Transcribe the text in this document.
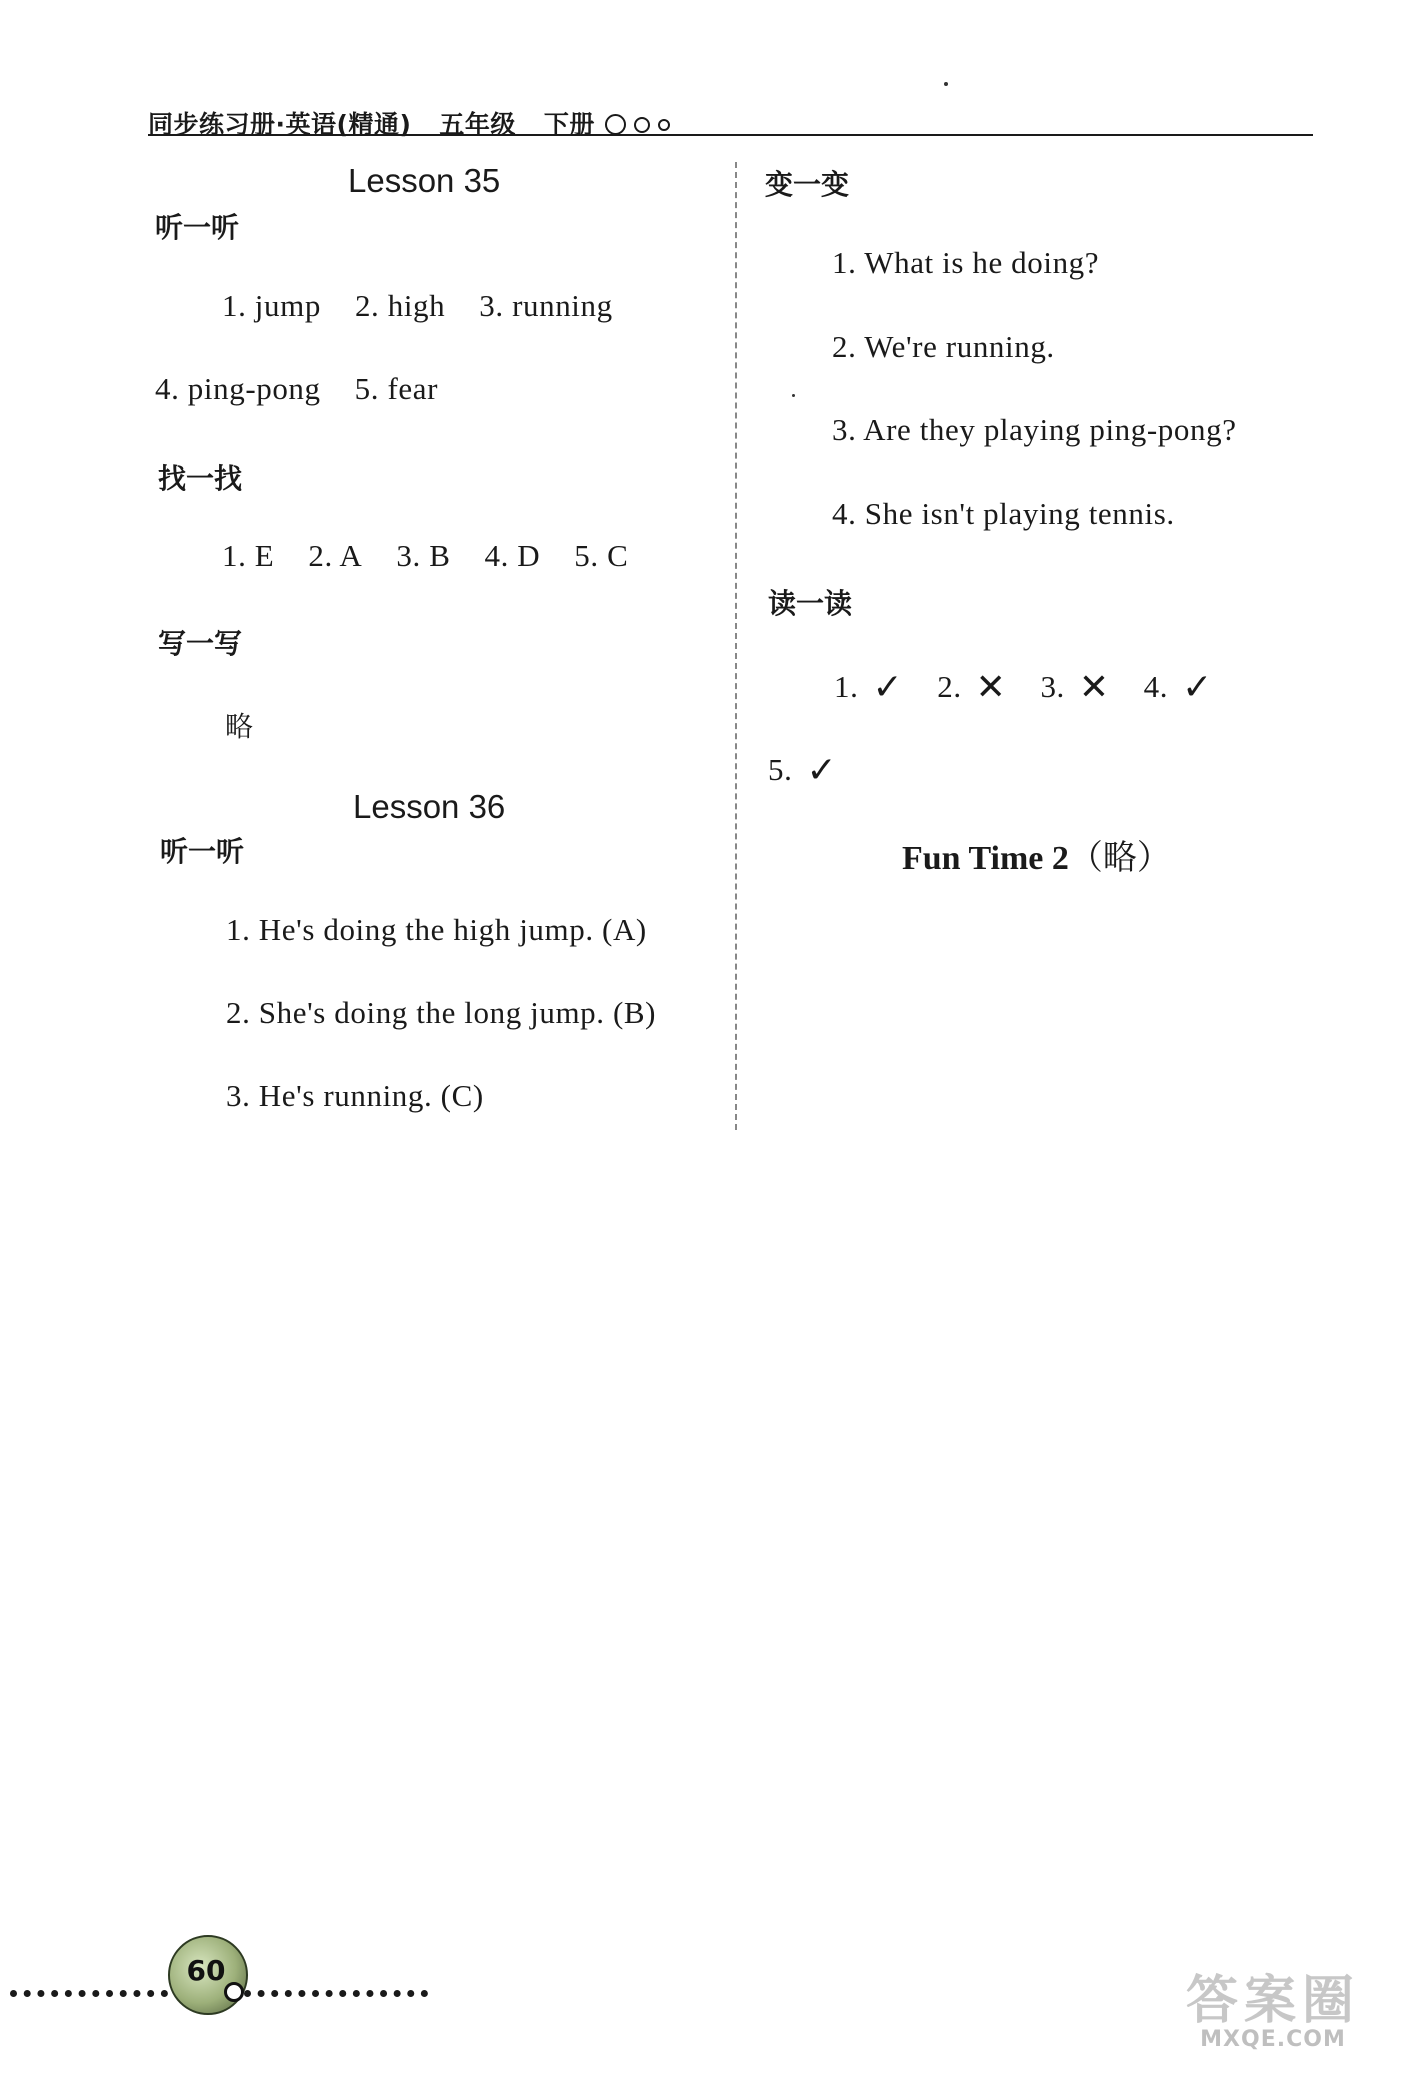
同步练习册·英语(精通) 五年级 下册
Lesson 35
听一听
1. jump 2. high 3. running
4. ping-pong 5. fear
找一找
1. E 2. A 3. B 4. D 5. C
写一写
略
Lesson 36
听一听
1. He's doing the high jump. (A)
2. She's doing the long jump. (B)
3. He's running. (C)
变一变
1. What is he doing?
2. We're running.
3. Are they playing ping-pong?
4. She isn't playing tennis.
读一读
1. ✓ 2. ✕ 3. ✕ 4. ✓
5. ✓
Fun Time 2（略）
60
答案圈
MXQE.COM
